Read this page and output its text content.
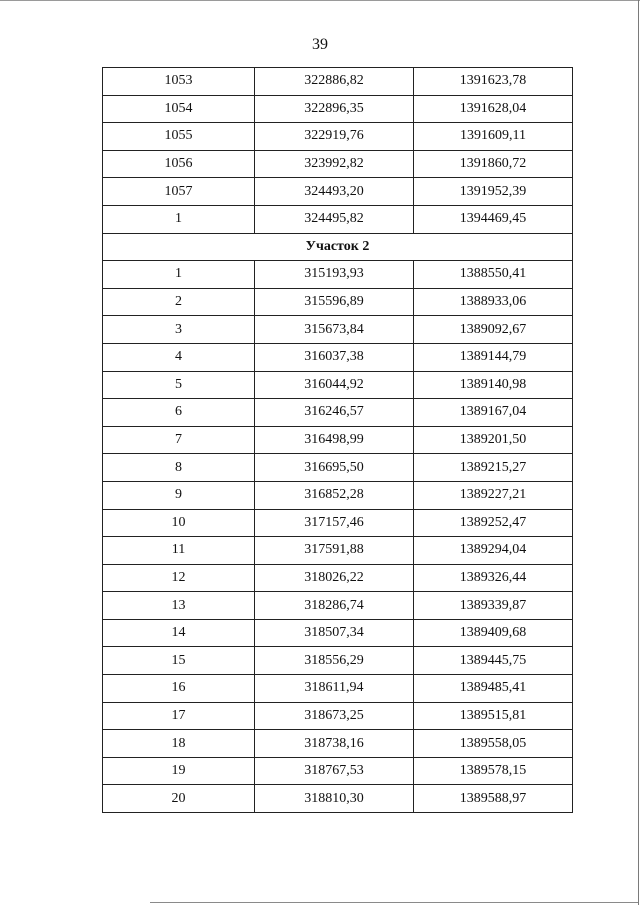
39
1053	322886,82	1391623,78
1054	322896,35	1391628,04
1055	322919,76	1391609,11
1056	323992,82	1391860,72
1057	324493,20	1391952,39
1	324495,82	1394469,45
Участок 2		
1	315193,93	1388550,41
2	315596,89	1388933,06
3	315673,84	1389092,67
4	316037,38	1389144,79
5	316044,92	1389140,98
6	316246,57	1389167,04
7	316498,99	1389201,50
8	316695,50	1389215,27
9	316852,28	1389227,21
10	317157,46	1389252,47
11	317591,88	1389294,04
12	318026,22	1389326,44
13	318286,74	1389339,87
14	318507,34	1389409,68
15	318556,29	1389445,75
16	318611,94	1389485,41
17	318673,25	1389515,81
18	318738,16	1389558,05
19	318767,53	1389578,15
20	318810,30	1389588,97
